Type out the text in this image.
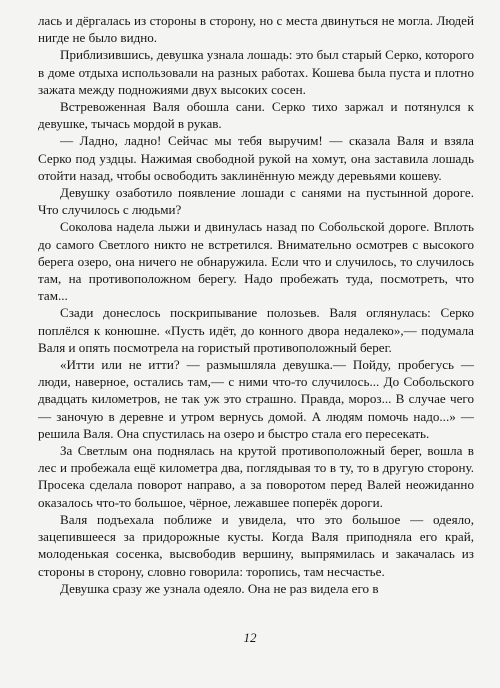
лась и дёргалась из стороны в сторону, но с места двинуться не могла. Людей нигде не было видно.

Приблизившись, девушка узнала лошадь: это был старый Серко, которого в доме отдыха использовали на разных работах. Кошева была пуста и плотно зажата между подножиями двух высоких сосен.

Встревоженная Валя обошла сани. Серко тихо заржал и потянулся к девушке, тычась мордой в рукав.

— Ладно, ладно! Сейчас мы тебя выручим! — сказала Валя и взяла Серко под уздцы. Нажимая свободной рукой на хомут, она заставила лошадь отойти назад, чтобы освободить заклинённую между деревьями кошеву.

Девушку озаботило появление лошади с санями на пустынной дороге. Что случилось с людьми?

Соколова надела лыжи и двинулась назад по Собольской дороге. Вплоть до самого Светлого никто не встретился. Внимательно осмотрев с высокого берега озеро, она ничего не обнаружила. Если что и случилось, то случилось там, на противоположном берегу. Надо пробежать туда, посмотреть, что там...

Сзади донеслось поскрипывание полозьев. Валя оглянулась: Серко поплёлся к конюшне. «Пусть идёт, до конного двора недалеко»,— подумала Валя и опять посмотрела на гористый противоположный берег.

«Итти или не итти? — размышляла девушка.— Пойду, пробегусь — люди, наверное, остались там,— с ними что-то случилось... До Собольского двадцать километров, не так уж это страшно. Правда, мороз... В случае чего — заночую в деревне и утром вернусь домой. А людям помочь надо...» — решила Валя. Она спустилась на озеро и быстро стала его пересекать.

За Светлым она поднялась на крутой противоположный берег, вошла в лес и пробежала ещё километра два, поглядывая то в ту, то в другую сторону. Просека сделала поворот направо, а за поворотом перед Валей неожиданно оказалось что-то большое, чёрное, лежавшее поперёк дороги.

Валя подъехала поближе и увидела, что это большое — одеяло, зацепившееся за придорожные кусты. Когда Валя приподняла его край, молоденькая сосенка, высвободив вершину, выпрямилась и закачалась из стороны в сторону, словно говорила: торопись, там несчастье.

Девушка сразу же узнала одеяло. Она не раз видела его в

12
